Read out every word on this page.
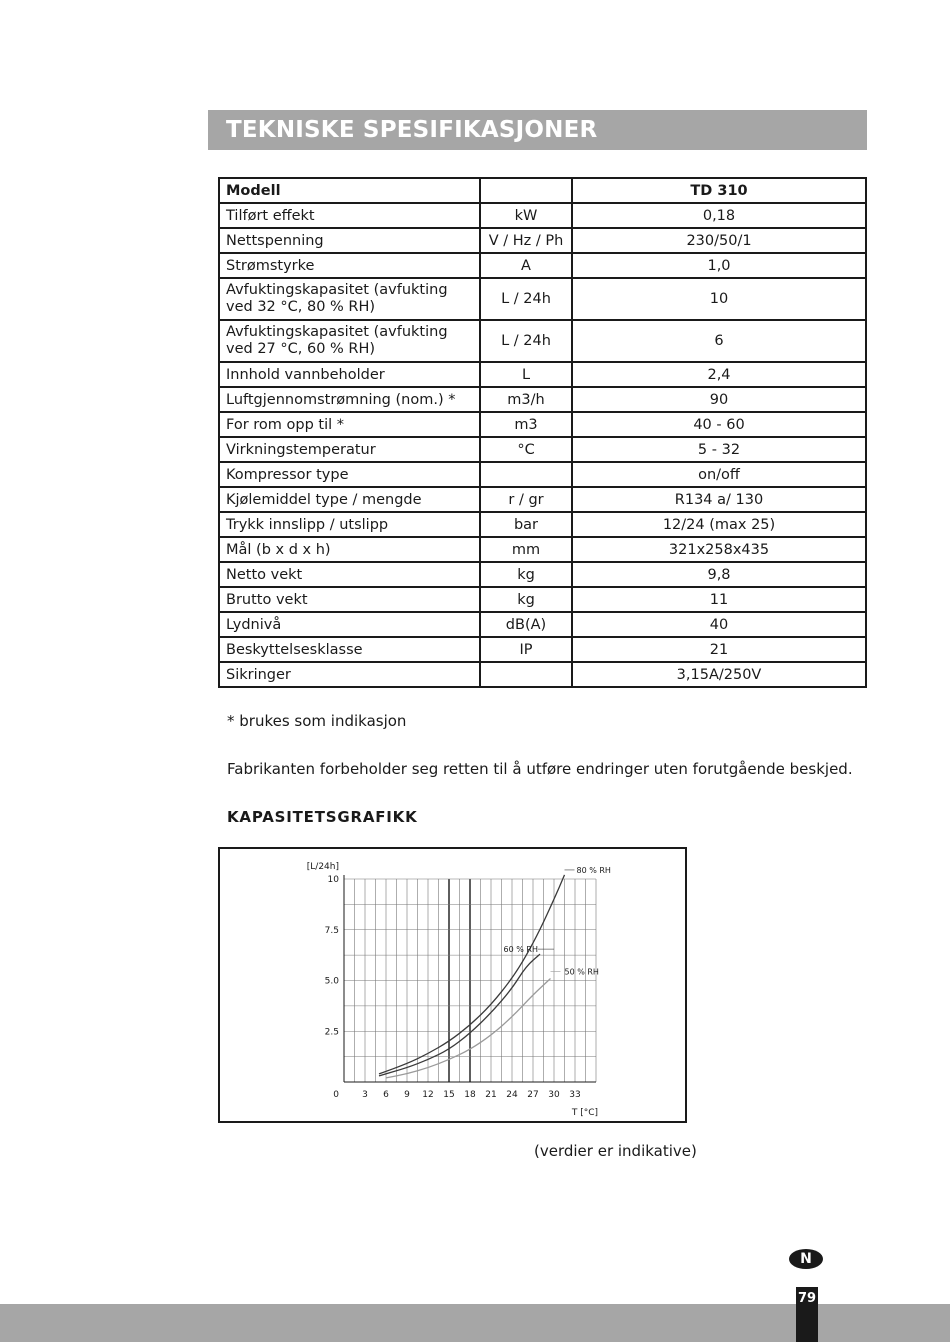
TEKNISKE SPESIFIKASJONER
Modell		TD 310
Tilført effekt	kW	0,18
Nettspenning	V / Hz / Ph	230/50/1
Strømstyrke	A	1,0
Avfuktingskapasitet (avfukting ved 32 °C, 80 % RH)	L / 24h	10
Avfuktingskapasitet (avfukting ved 27 °C, 60 % RH)	L / 24h	6
Innhold vannbeholder	L	2,4
Luftgjennomstrømning (nom.) *	m3/h	90
For rom opp til *	m3	40 - 60
Virkningstemperatur	°C	5 - 32
Kompressor type		on/off
Kjølemiddel type / mengde	r / gr	R134 a/ 130
Trykk innslipp / utslipp	bar	12/24 (max 25)
Mål (b x d x h)	mm	321x258x435
Netto vekt	kg	9,8
Brutto vekt	kg	11
Lydnivå	dB(A)	40
Beskyttelsesklasse	IP	21
Sikringer		3,15A/250V
* brukes som indikasjon
Fabrikanten forbeholder seg retten til å utføre endringer uten forutgående beskjed.
KAPASITETSGRAFIKK
0
2.5
5.0
7.5
10
[L/24h]
3 6 9 12 15 18 21 24 27 30 33
T [°C]
80 % RH
60 % RH
50 % RH
(verdier er indikative)
N
79
